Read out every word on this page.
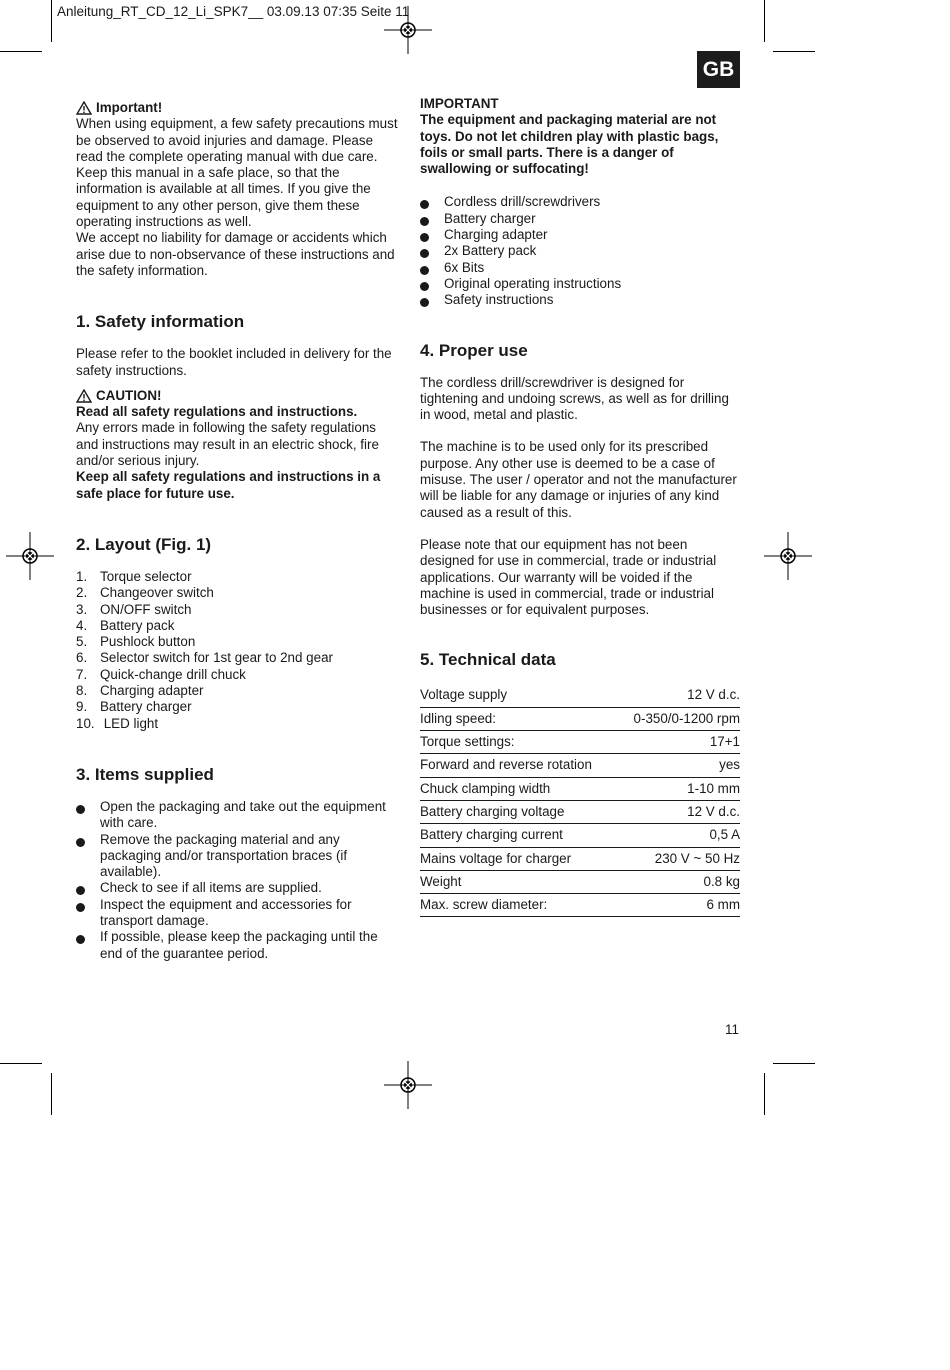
Anleitung_RT_CD_12_Li_SPK7__ 03.09.13 07:35 Seite 11
GB
Important!

When using equipment, a few safety precautions must be observed to avoid injuries and damage. Please read the complete operating manual with due care. Keep this manual in a safe place, so that the information is available at all times. If you give the equipment to any other person, give them these operating instructions as well.

We accept no liability for damage or accidents which arise due to non-observance of these instructions and the safety information.

1. Safety information

Please refer to the booklet included in delivery for the safety instructions.

CAUTION!

Read all safety regulations and instructions.

Any errors made in following the safety regulations and instructions may result in an electric shock, fire and/or serious injury.

Keep all safety regulations and instructions in a safe place for future use.

2. Layout (Fig. 1)
1. Torque selector
2. Changeover switch
3. ON/OFF switch
4. Battery pack
5. Pushlock button
6. Selector switch for 1st gear to 2nd gear
7. Quick-change drill chuck
8. Charging adapter
9. Battery charger
10. LED light
3. Items supplied
Open the packaging and take out the equipment with care.
Remove the packaging material and any packaging and/or transportation braces (if available).
Check to see if all items are supplied.
Inspect the equipment and accessories for transport damage.
If possible, please keep the packaging until the end of the guarantee period.

IMPORTANT

The equipment and packaging material are not toys. Do not let children play with plastic bags, foils or small parts. There is a danger of swallowing or suffocating!

Cordless drill/screwdrivers
Battery charger
Charging adapter
2x Battery pack
6x Bits
Original operating instructions
Safety instructions
4. Proper use

The cordless drill/screwdriver is designed for tightening and undoing screws, as well as for drilling in wood, metal and plastic.

The machine is to be used only for its prescribed purpose. Any other use is deemed to be a case of misuse. The user / operator and not the manufacturer will be liable for any damage or injuries of any kind caused as a result of this.

Please note that our equipment has not been designed for use in commercial, trade or industrial applications. Our warranty will be voided if the machine is used in commercial, trade or industrial businesses or for equivalent purposes.

5. Technical data
Voltage supply	12 V d.c.
Idling speed:	0-350/0-1200 rpm
Torque settings:	17+1
Forward and reverse rotation	yes
Chuck clamping width	1-10 mm
Battery charging voltage	12 V d.c.
Battery charging current	0,5 A
Mains voltage for charger	230 V ~ 50 Hz
Weight	0.8 kg
Max. screw diameter:	6 mm
11
